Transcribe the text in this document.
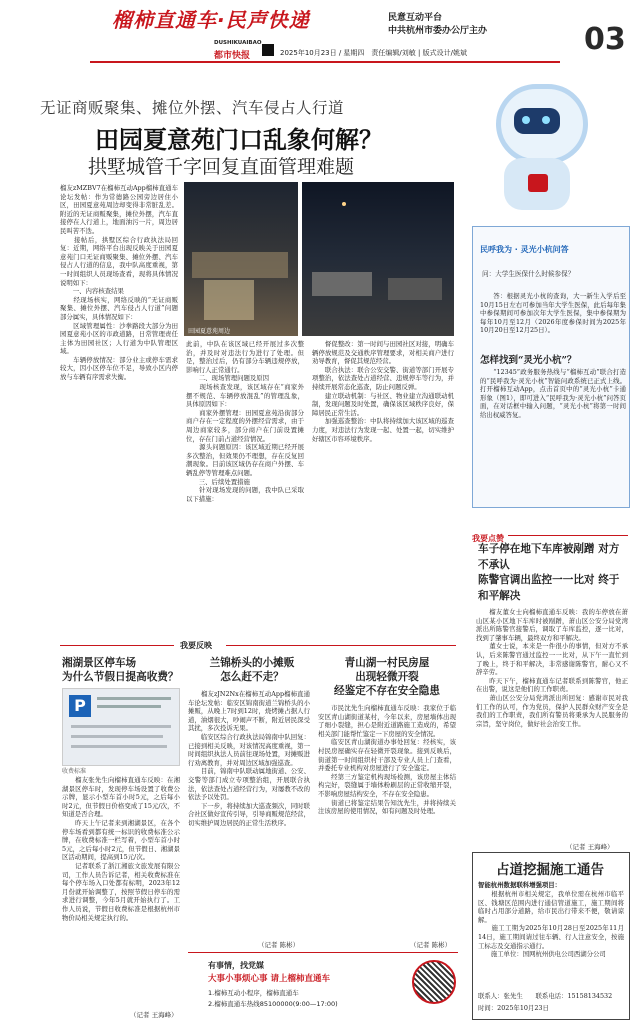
榴柿直通车·民声快递	民意互动平台
中共杭州市委办公厅主办	03
DUSHIKUAIBAO
都市快报	2025年10月23日 / 星期四　责任编辑/刘敏 | 版式设计/姚斌
无证商贩聚集、摊位外摆、汽车侵占人行道
田园夏意苑门口乱象何解？
拱墅城管千字回复直面管理难题
田园夏意苑周边
榴友zMZBV7在榴柿互动App榴柿直通车论坛发帖：作为常德路公园旁边居住小区，田园夏意苑周边却变得非常脏乱差。附近的无证商贩聚集，摊位外摆，汽车直接停在人行道上，地面油污一片，周边居民叫苦不迭。
　　接帖后，拱墅区综合行政执法局回复：近期，网络平台出现反映关于田园夏意苑门口无证商贩聚集、摊位外摆、汽车侵占人行道的信息，我中队高度重视，第一时间组织人员现场查看，现将具体情况说明如下：
　　一、内容核查结果
　　经现场核实，网络反映的“无证商贩聚集、摊位外摆、汽车侵占人行道”问题部分属实，具体情况如下：
　　区域管理属性：沙拳路段大部分为田园夏意苑小区的市政道路，日常管理责任主体为田园社区；人行道为中队管理区域。
　　车辆停放情况：部分业主或停车需求较大，因小区停车位不足，导致小区内停放与车辆有序需求失衡。
此前，中队在该区域已经开展过多次整治，并及时对违法行为进行了处理。但是，整治过后，仍有部分车辆违规停放，影响行人正常通行。
　　二、现场管理问题及原因
　　现场核查发现，该区域存在“商家外摆不规范、车辆停放混乱”的管理乱象，具体原因如下：
　　商家外摆管理：田园夏意苑沿街部分商户存在一定程度的外摆经营需求，由于周边商家较多，部分商户在门前设置摊位，存在门前占道经营情况。
　　源头问题原因：该区域近期已经开展多次整治，但效果仍不理想，存在反复回潮现象。目前该区域仍存在商户外摆、车辆乱停等管理难点问题。
　　三、后续处置措施
　　针对现场发现的问题，我中队已采取以下措施：
　　督促整改：第一时间与田园社区对接，明确车辆停放规范及交通秩序管理要求，对相关商户进行劝导教育，督促其规范经营。
　　联合执法：联合公安交警、街道等部门开展专项整治，依法查处占道经营、违规停车等行为，并持续开展常态化巡查，防止问题反弹。
　　建立联动机制：与社区、物业建立沟通联动机制，发现问题及时处置，确保该区域秩序良好，保障居民正常生活。
　　加强巡查整治：中队将持续加大该区域的巡查力度，对违法行为发现一起、处置一起，切实维护好辖区市容环境秩序。
民呼我为 · 灵光小杭问答
问：大学生医保什么时候参保？
　　答：根据灵光小杭的查询，大一新生入学后至10月15日左右可参加当年大学生医保，此后每年集中参保期间可参加次年大学生医保，集中参保期为每年10月至12月（2026年度参保时间为2025年10月20日至12月25日）。
怎样找到“灵光小杭”？
　　“12345”政务服务热线与“榴柿互动”联合打造的“民呼我为·灵光小杭”智能问政系统已正式上线。打开榴柿互动App，点击首页中的“灵光小杭”卡通形象（图1），即可进入“民呼我为·灵光小杭”问答页面，在对话框中输入问题，“灵光小杭”将第一时间给出权威答复。
我要点赞
车子停在地下车库被剐蹭 对方不承认
陈警官调出监控一一比对 终于和平解决
　　榴友董女士向榴柿直通车反映：我的车停放在萧山区某小区地下车库时被剐蹭，萧山区公安分局党湾派出所陈警官接警后，调取了车库监控，逐一比对，找到了肇事车辆，最终双方和平解决。
　　董女士说，本来是一件很小的事情，但对方不承认，后来陈警官通过监控一一比对，从下午一直忙到了晚上，终于和平解决，非常感谢陈警官，耐心又不辞辛劳。
　　昨天下午，榴柿直通车记者联系到陈警官，他正在出警，说这是他们的工作职责。
　　萧山区公安分局党湾派出所回复：感谢市民对我们工作的认可，作为党员，保护人民群众财产安全是我们的工作职责，我们所有警员将秉承为人民服务的宗旨，坚守岗位，做好社会治安工作。
（记者 王海峰）
我要反映
湘湖景区停车场
为什么节假日提高收费？
P
收费标准
　　榴友张先生向榴柿直通车反映：在湘湖景区停车时，发现停车场设置了收费公示牌，显示小型车首小时5元，之后每小时2元，但节假日价格变成了15元/次，不知道是否合理。
　　昨天上午记者来到湘湖景区，在各个停车场看到都有统一标识的收费标准公示牌，在收费标准一栏写着，小型车首小时5元，之后每小时2元，但节假日、湘湖景区活动期间，提高到15元/次。
　　记者联系了浙江湘旅文旅发展有限公司，工作人员告诉记者，相关收费标准在每个停车场入口处都有标明，2023年12月份就开始调整了，按照节假日停车的需求进行调整，今年5月就开始执行了。工作人员说，节假日收费标准是根据杭州市物价局相关规定执行的。
（记者 王海峰）
兰锦桥头的小摊贩
怎么赶不走？
　　榴友zJN2Nx在榴柿互动App榴柿直通车论坛发帖：临安区锦南街道兰锦桥头的小摊贩，从晚上7时到12时，烧烤摊占据人行道，油烟很大，吵闹声不断，附近居民深受其扰，多次投诉无果。
　　临安区综合行政执法局锦南中队回复：已接到相关反映，对该情况高度重视，第一时间组织执法人员前往现场处置，对摊贩进行劝离教育，并对周边区域加强巡查。
　　目前，锦南中队联动属地街道、公安、交警等部门成立专项整治组，开展联合执法，依法查处占道经营行为，对屡教不改的依法予以处罚。
　　下一步，将持续加大巡查频次，同时联合社区做好宣传引导，引导商贩规范经营，切实维护周边居民的正常生活秩序。
（记者 陈彬）
青山湖一村民房屋
出现轻微开裂
经鉴定不存在安全隐患
　　市民沈先生向榴柿直通车反映：我家位于临安区青山湖街道某村，今年以来，房屋墙体出现了细小裂缝，担心是附近道路施工造成的，希望相关部门能帮忙鉴定一下房屋的安全情况。
　　临安区青山湖街道办事处回复：经核实，该村民房屋确实存在轻微开裂现象。接到反映后，街道第一时间组织村干部及专业人员上门查看，并委托专业机构对房屋进行了安全鉴定。
　　经第三方鉴定机构现场检测，该房屋主体结构完好，裂缝属于墙体粉刷层的正常收缩开裂，不影响房屋结构安全，不存在安全隐患。
　　街道已将鉴定结果告知沈先生，并将持续关注该房屋的使用情况，如有问题及时处理。
（记者 陈彬）
有事情，找党媒
大事小事烦心事 请上榴柿直通车
1.榴柿互动小程序，榴柿直通车
2.榴柿直通车热线85100000(9:00—17:00)
占道挖掘施工通告
智能杭州数据联科增强项目：
　　根据杭州市相关规定，我单位需在杭州市临平区、钱塘区范围内进行通信管道施工，施工期间将临时占用部分道路，给市民出行带来不便，敬请谅解。
　　施工工期为2025年10月28日至2025年11月14日，施工期间请过往车辆、行人注意安全，按施工标志及交通指示通行。
　　施工单位：国网杭州供电公司西湖分公司
联系人：张先生　　联系电话：15158134532
时间：2025年10月23日
